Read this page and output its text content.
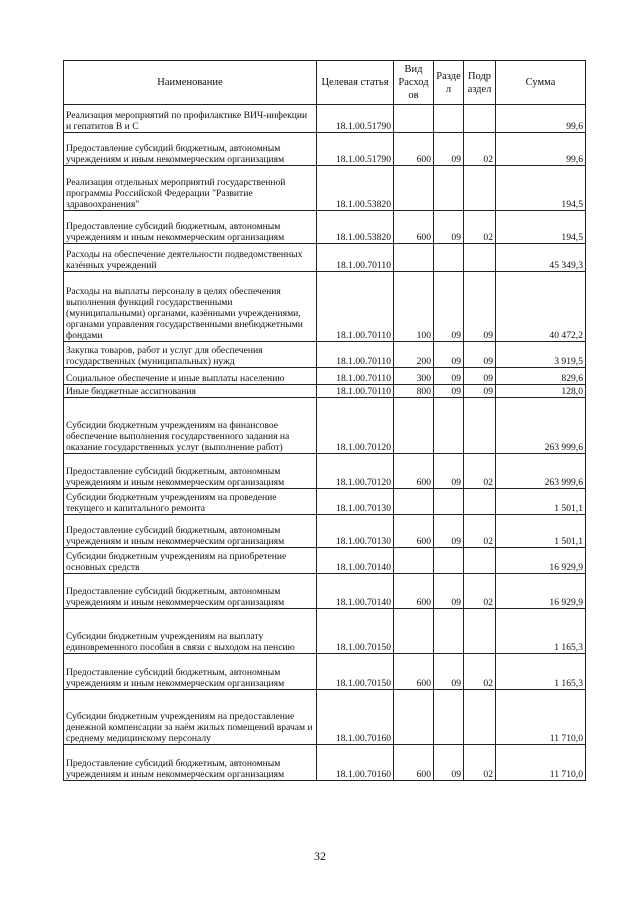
Наименование	Целевая статья	Вид Расход ов	Разде л	Подр аздел	Сумма
Реализация мероприятий по профилактике ВИЧ-инфекции и гепатитов В и С	18.1.00.51790				99,6
Предоставление субсидий бюджетным, автономным учреждениям и иным некоммерческим организациям	18.1.00.51790	600	09	02	99,6
Реализация отдельных мероприятий государственной программы Российской Федерации "Развитие здравоохранения"	18.1.00.53820				194,5
Предоставление субсидий бюджетным, автономным учреждениям и иным некоммерческим организациям	18.1.00.53820	600	09	02	194,5
Расходы на обеспечение деятельности подведомственных казённых учреждений	18.1.00.70110				45 349,3
Расходы на выплаты персоналу в целях обеспечения выполнения функций государственными (муниципальными) органами, казёнными учреждениями, органами управления государственными внебюджетными фондами	18.1.00.70110	100	09	09	40 472,2
Закупка товаров, работ и услуг для обеспечения государственных (муниципальных) нужд	18.1.00.70110	200	09	09	3 919,5
Социальное обеспечение и иные выплаты населению	18.1.00.70110	300	09	09	829,6
Иные бюджетные ассигнования	18.1.00.70110	800	09	09	128,0
Субсидии бюджетным учреждениям на финансовое обеспечение выполнения государственного задания на оказание государственных услуг (выполнение работ)	18.1.00.70120				263 999,6
Предоставление субсидий бюджетным, автономным учреждениям и иным некоммерческим организациям	18.1.00.70120	600	09	02	263 999,6
Субсидии бюджетным учреждениям на проведение текущего и капитального ремонта	18.1.00.70130				1 501,1
Предоставление субсидий бюджетным, автономным учреждениям и иным некоммерческим организациям	18.1.00.70130	600	09	02	1 501,1
Субсидии бюджетным учреждениям на приобретение основных средств	18.1.00.70140				16 929,9
Предоставление субсидий бюджетным, автономным учреждениям и иным некоммерческим организациям	18.1.00.70140	600	09	02	16 929,9
Субсидии бюджетным учреждениям на выплату единовременного пособия в связи с выходом на пенсию	18.1.00.70150				1 165,3
Предоставление субсидий бюджетным, автономным учреждениям и иным некоммерческим организациям	18.1.00.70150	600	09	02	1 165,3
Субсидии бюджетным учреждениям на предоставление денежной компенсации за наём жилых помещений врачам и среднему медицинскому персоналу	18.1.00.70160				11 710,0
Предоставление субсидий бюджетным, автономным учреждениям и иным некоммерческим организациям	18.1.00.70160	600	09	02	11 710,0
32
